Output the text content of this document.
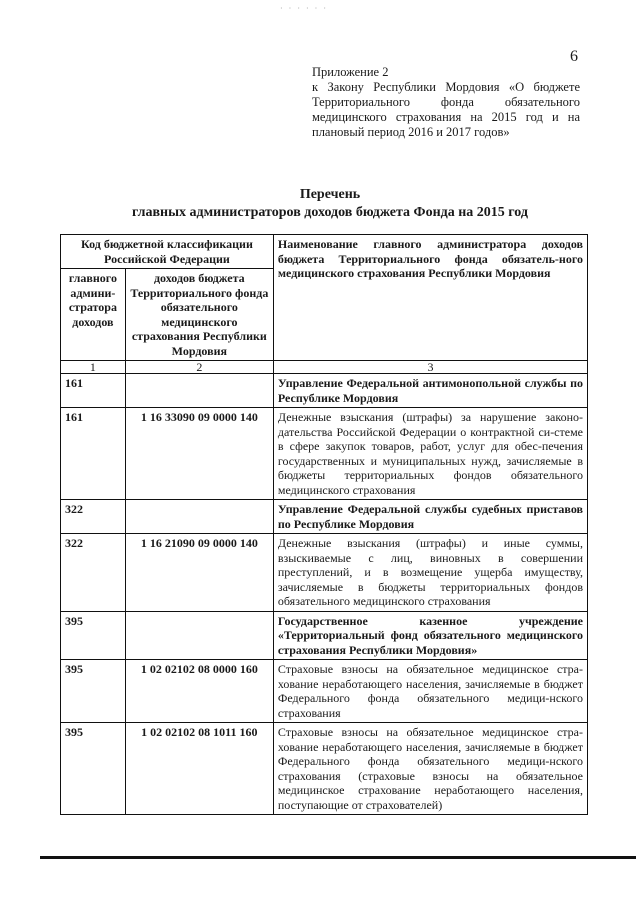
· · · · · ·
6
Приложение 2
к Закону Республики Мордовия «О бюджете Территориального фонда обязательного медицинского страхования на 2015 год и на плановый период 2016 и 2017 годов»
Перечень
главных администраторов доходов бюджета Фонда на 2015 год
Код бюджетной классификации Российской Федерации		Наименование главного администратора доходов бюджета Территориального фонда обязатель-ного медицинского страхования Республики Мордовия
главного админи-стратора доходов	доходов бюджета Территориального фонда обязательного медицинского страхования Республики Мордовия	
1	2	3
161		Управление Федеральной антимонопольной службы по Республике Мордовия
161	1 16 33090 09 0000 140	Денежные взыскания (штрафы) за нарушение законо-дательства Российской Федерации о контрактной си-стеме в сфере закупок товаров, работ, услуг для обес-печения государственных и муниципальных нужд, зачисляемые в бюджеты территориальных фондов обязательного медицинского страхования
322		Управление Федеральной службы судебных приставов по Республике Мордовия
322	1 16 21090 09 0000 140	Денежные взыскания (штрафы) и иные суммы, взыскиваемые с лиц, виновных в совершении преступлений, и в возмещение ущерба имуществу, зачисляемые в бюджеты территориальных фондов обязательного медицинского страхования
395		Государственное казенное учреждение «Территориальный фонд обязательного медицинского страхования Республики Мордовия»
395	1 02 02102 08 0000 160	Страховые взносы на обязательное медицинское стра-хование неработающего населения, зачисляемые в бюджет Федерального фонда обязательного медици-нского страхования
395	1 02 02102 08 1011 160	Страховые взносы на обязательное медицинское стра-хование неработающего населения, зачисляемые в бюджет Федерального фонда обязательного медици-нского страхования (страховые взносы на обязательное медицинское страхование неработающего населения, поступающие от страхователей)
